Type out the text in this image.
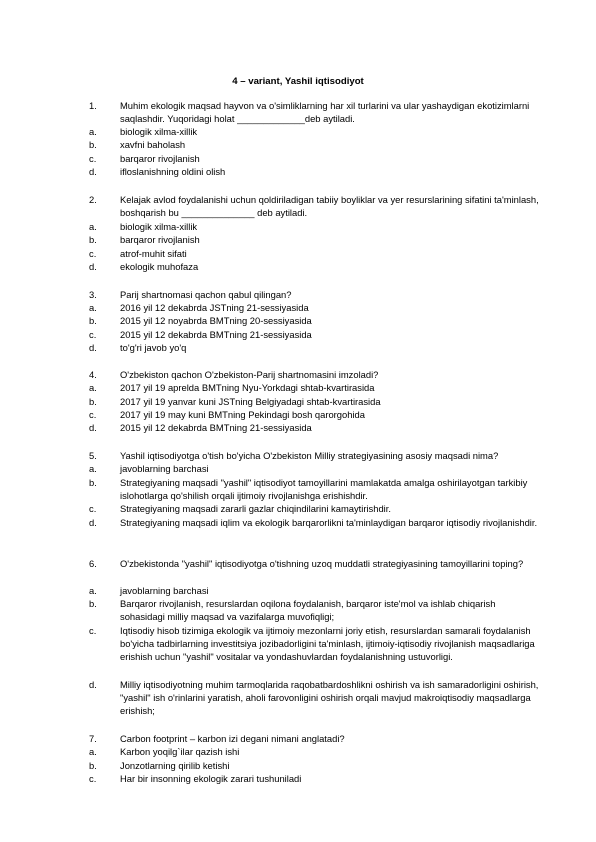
4 – variant, Yashil iqtisodiyot
1. Muhim ekologik maqsad hayvon va o'simliklarning har xil turlarini va ular yashaydigan ekotizimlarni saqlashdir. Yuqoridagi holat _____________deb aytiladi.
a. biologik xilma-xillik
b. xavfni baholash
c.	barqaror rivojlanish
d. ifloslanishning oldini olish
2. Kelajak avlod foydalanishi uchun qoldiriladigan tabiiy boyliklar va yer resurslarining sifatini ta'minlash, boshqarish bu ______________ deb aytiladi.
a. biologik xilma-xillik
b. barqaror rivojlanish
c.	atrof-muhit sifati
d. ekologik muhofaza
3. Parij shartnomasi qachon qabul qilingan?
a. 2016 yil 12 dekabrda JSTning 21-sessiyasida
b. 2015 yil 12 noyabrda BMTning 20-sessiyasida
c.	2015 yil 12 dekabrda BMTning 21-sessiyasida
d. to'g'ri javob yo'q
4. O'zbekiston qachon O'zbekiston-Parij shartnomasini imzoladi?
a. 2017 yil 19 aprelda BMTning Nyu-Yorkdagi shtab-kvartirasida
b. 2017 yil 19 yanvar kuni JSTning Belgiyadagi shtab-kvartirasida
c.	2017 yil 19 may kuni BMTning Pekindagi bosh qarorgohida
d. 2015 yil 12 dekabrda BMTning 21-sessiyasida
5. Yashil iqtisodiyotga o'tish bo'yicha O'zbekiston Milliy strategiyasining asosiy maqsadi nima?
a. javoblarning barchasi
b. Strategiyaning maqsadi "yashil" iqtisodiyot tamoyillarini mamlakatda amalga oshirilayotgan tarkibiy islohotlarga qo'shilish orqali ijtimoiy rivojlanishga erishishdir.
c.	Strategiyaning maqsadi zararli gazlar chiqindilarini kamaytirishdir.
d. Strategiyaning maqsadi iqlim va ekologik barqarorlikni ta'minlaydigan barqaror iqtisodiy rivojlanishdir.
6. O'zbekistonda "yashil" iqtisodiyotga o'tishning uzoq muddatli strategiyasining tamoyillarini toping?
a. javoblarning barchasi
b. Barqaror rivojlanish, resurslardan oqilona foydalanish, barqaror iste'mol va ishlab chiqarish sohasidagi milliy maqsad va vazifalarga muvofiqligi;
c.	Iqtisodiy hisob tizimiga ekologik va ijtimoiy mezonlarni joriy etish, resurslardan samarali foydalanish bo'yicha tadbirlarning investitsiya jozibadorligini ta'minlash, ijtimoiy-iqtisodiy rivojlanish maqsadlariga erishish uchun "yashil" vositalar va yondashuvlardan foydalanishning ustuvorligi.
d. Milliy iqtisodiyotning muhim tarmoqlarida raqobatbardoshlikni oshirish va ish samaradorligini oshirish, "yashil" ish o'rinlarini yaratish, aholi farovonligini oshirish orqali mavjud makroiqtisodiy maqsadlarga erishish;
7. Carbon footprint – karbon izi degani nimani anglatadi?
a. Karbon yoqilg`ilar qazish ishi
b. Jonzotlarning qirilib ketishi
c.	Har bir insonning ekologik zarari tushuniladi
